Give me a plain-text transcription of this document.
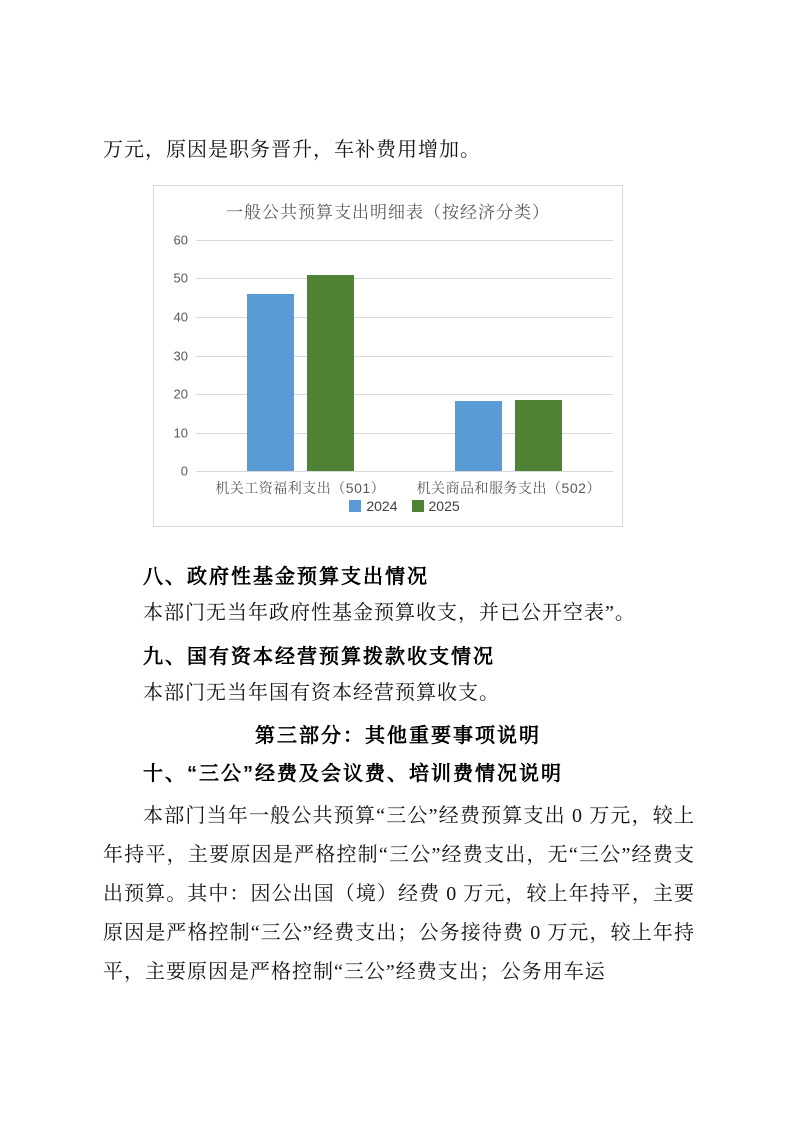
万元，原因是职务晋升，车补费用增加。
一般公共预算支出明细表（按经济分类）
0
10
20
30
40
50
60
机关工资福利支出（501）	机关商品和服务支出（502）
2024 2025
八、政府性基金预算支出情况
本部门无当年政府性基金预算收支，并已公开空表”。
九、国有资本经营预算拨款收支情况
本部门无当年国有资本经营预算收支。
第三部分：其他重要事项说明
十、“三公”经费及会议费、培训费情况说明
本部门当年一般公共预算“三公”经费预算支出 0 万元，较上年持平，主要原因是严格控制“三公”经费支出，无“三公”经费支出预算。其中：因公出国（境）经费 0 万元，较上年持平，主要原因是严格控制“三公”经费支出；公务接待费 0 万元，较上年持平，主要原因是严格控制“三公”经费支出；公务用车运
